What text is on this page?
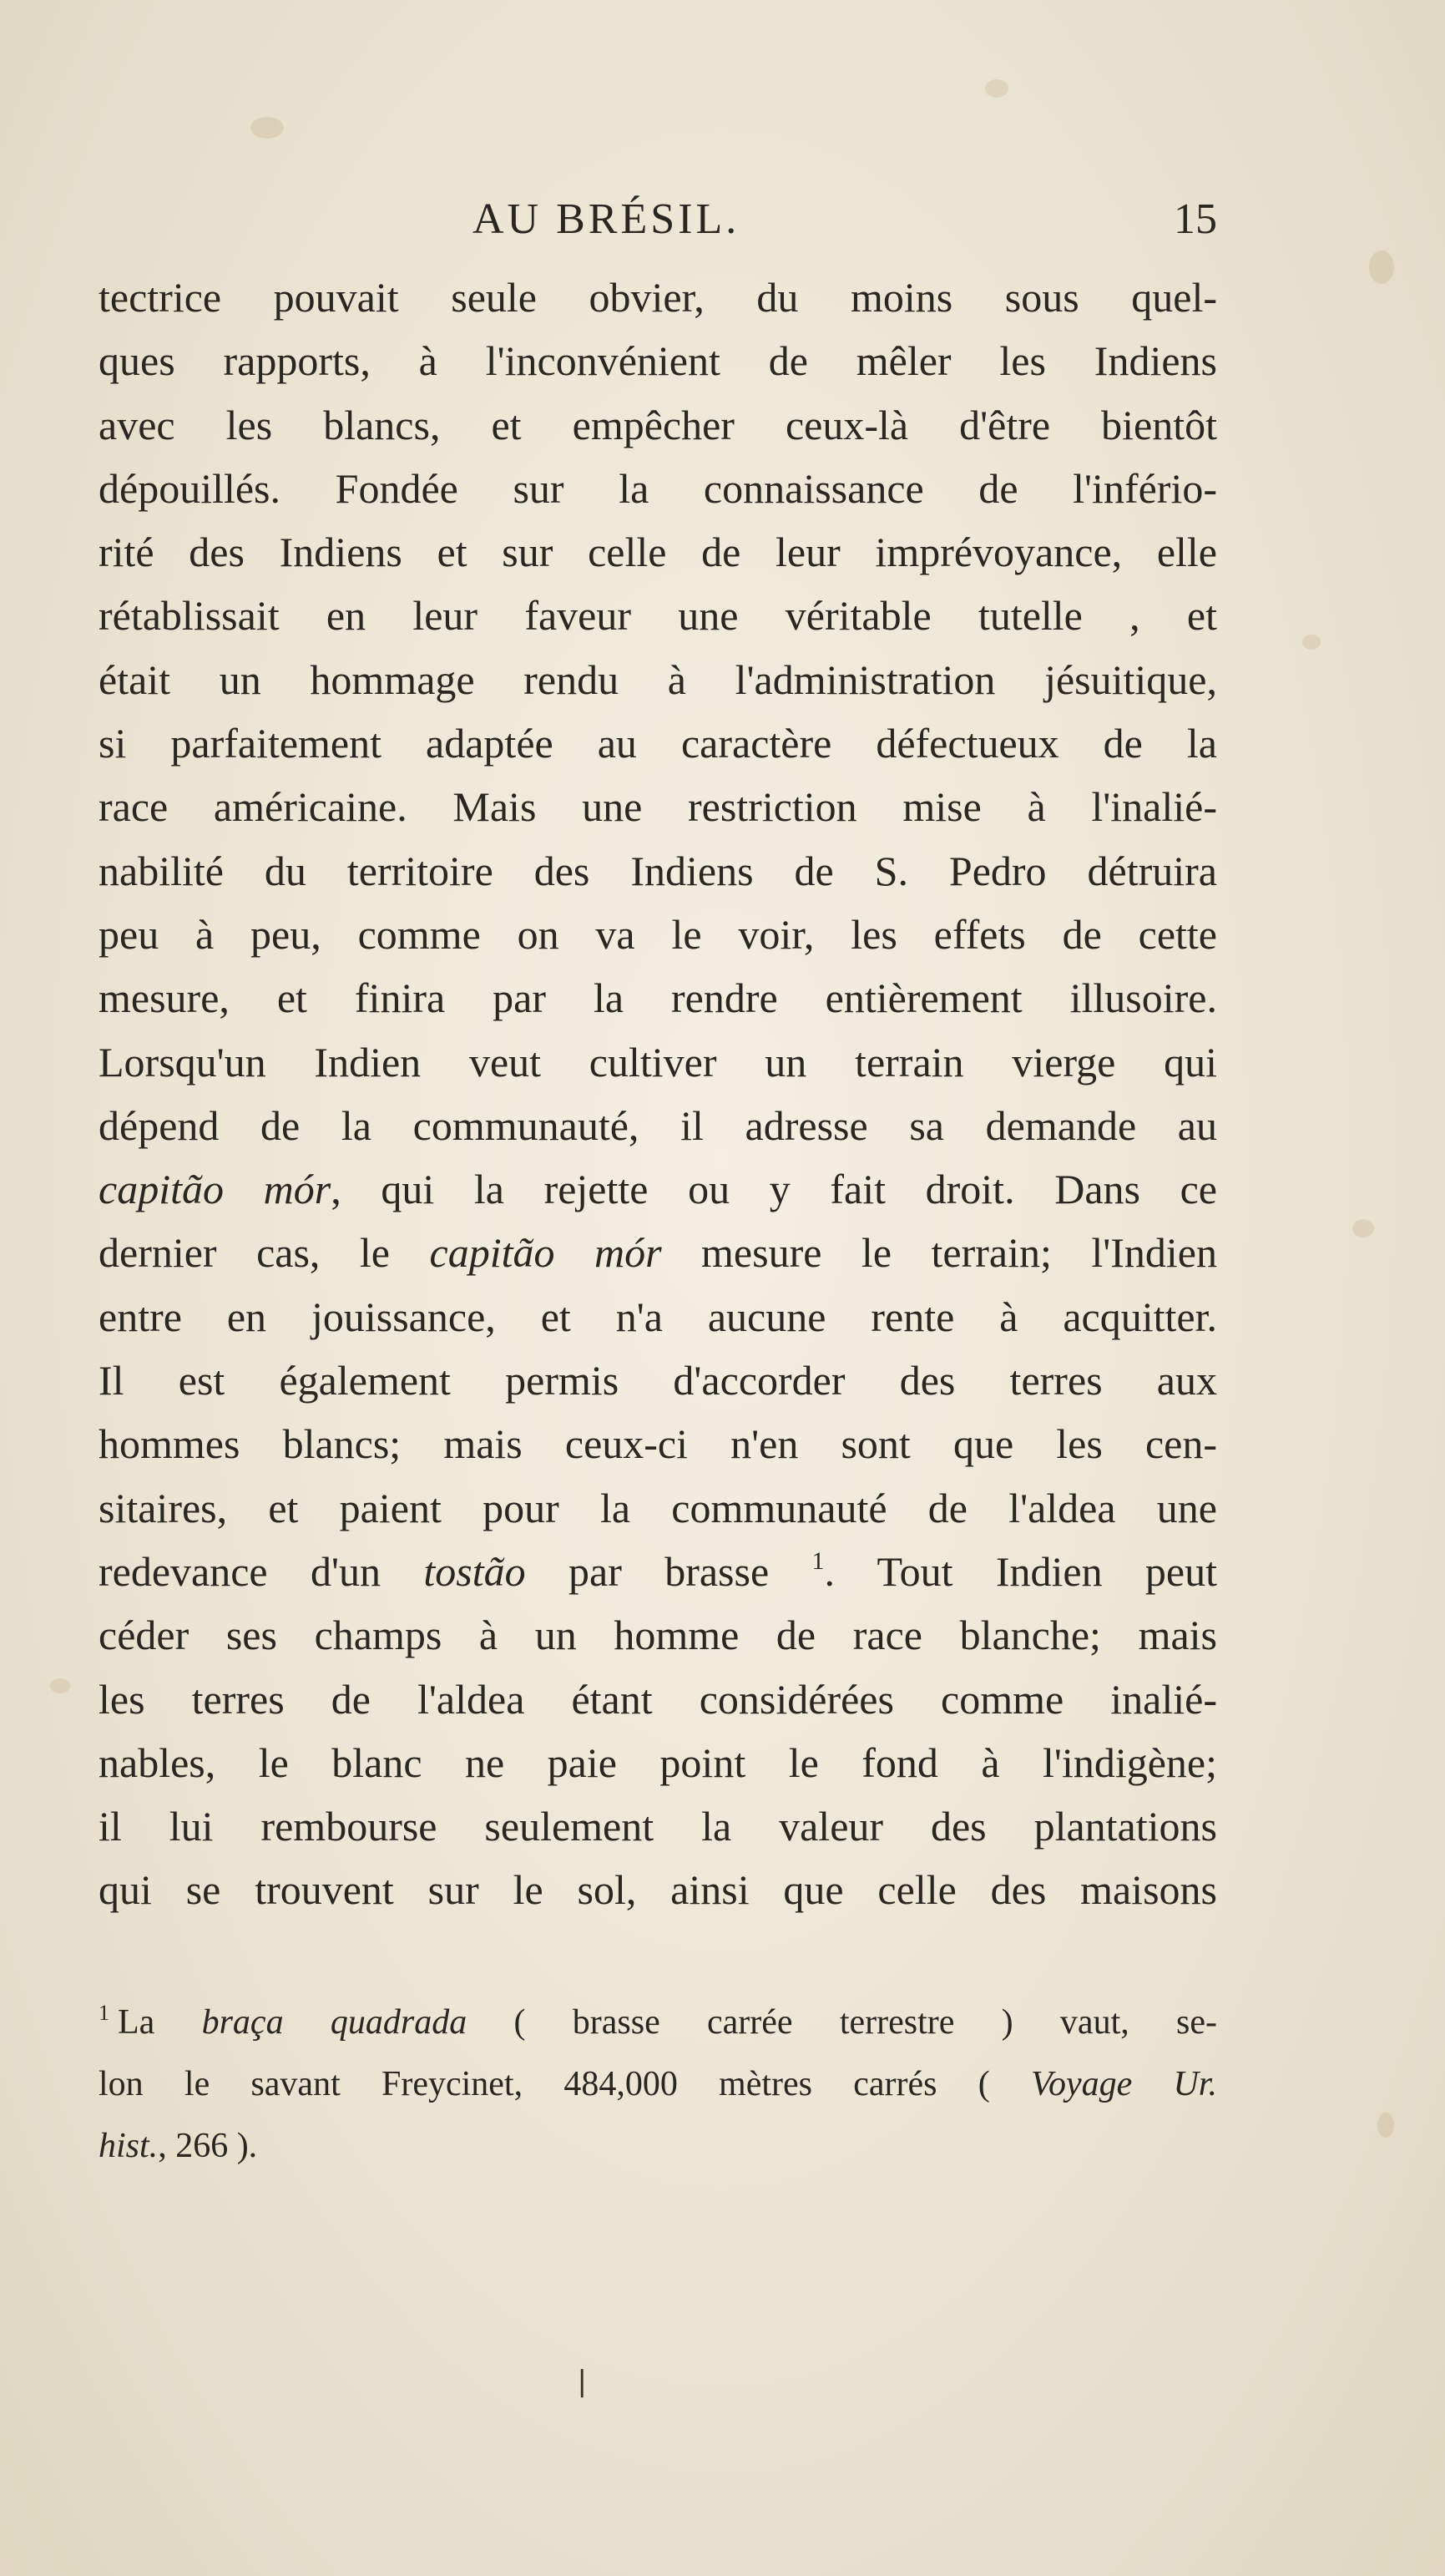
AU BRÉSIL.	15
tectrice pouvait seule obvier, du moins sous quel-
ques rapports, à l'inconvénient de mêler les Indiens
avec les blancs, et empêcher ceux-là d'être bientôt
dépouillés. Fondée sur la connaissance de l'infério-
rité des Indiens et sur celle de leur imprévoyance, elle
rétablissait en leur faveur une véritable tutelle , et
était un hommage rendu à l'administration jésuitique,
si parfaitement adaptée au caractère défectueux de la
race américaine. Mais une restriction mise à l'inalié-
nabilité du territoire des Indiens de S. Pedro détruira
peu à peu, comme on va le voir, les effets de cette
mesure, et finira par la rendre entièrement illusoire.
Lorsqu'un Indien veut cultiver un terrain vierge qui
dépend de la communauté, il adresse sa demande au
capitão mór, qui la rejette ou y fait droit. Dans ce
dernier cas, le capitão mór mesure le terrain; l'Indien
entre en jouissance, et n'a aucune rente à acquitter.
Il est également permis d'accorder des terres aux
hommes blancs; mais ceux-ci n'en sont que les cen-
sitaires, et paient pour la communauté de l'aldea une
redevance d'un tostão par brasse $^1$. Tout Indien peut
céder ses champs à un homme de race blanche; mais
les terres de l'aldea étant considérées comme inalié-
nables, le blanc ne paie point le fond à l'indigène;
il lui rembourse seulement la valeur des plantations
qui se trouvent sur le sol, ainsi que celle des maisons
$^1$ La braça quadrada ( brasse carrée terrestre ) vaut, se-
lon le savant Freycinet, 484,000 mètres carrés ( Voyage Ur.
hist., 266 ).
❘
